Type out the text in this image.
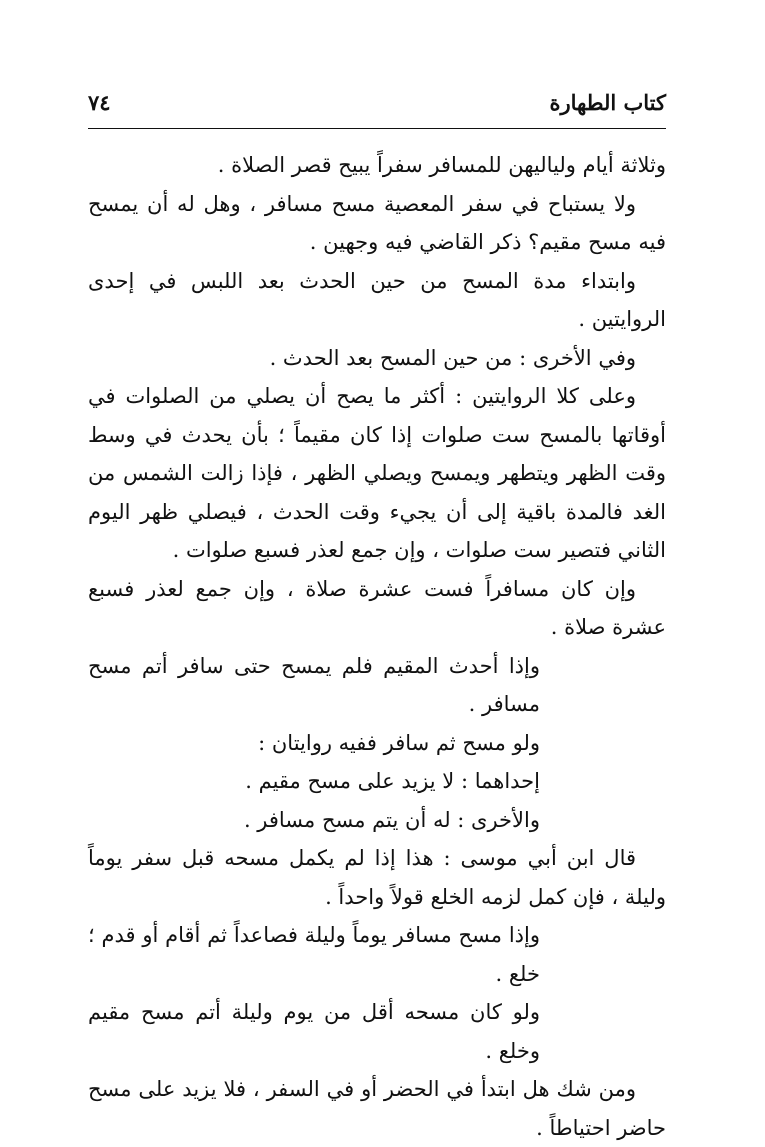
كتاب الطهارة
٧٤

وثلاثة أيام ولياليهن للمسافر سفراً يبيح قصر الصلاة .

ولا يستباح في سفر المعصية مسح مسافر ، وهل له أن يمسح فيه مسح مقيم؟ ذكر القاضي فيه وجهين .

وابتداء مدة المسح من حين الحدث بعد اللبس في إحدى الروايتين .

وفي الأخرى : من حين المسح بعد الحدث .

وعلى كلا الروايتين : أكثر ما يصح أن يصلي من الصلوات في أوقاتها بالمسح ست صلوات إذا كان مقيماً ؛ بأن يحدث في وسط وقت الظهر ويتطهر ويمسح ويصلي الظهر ، فإذا زالت الشمس من الغد فالمدة باقية إلى أن يجيء وقت الحدث ، فيصلي ظهر اليوم الثاني فتصير ست صلوات ، وإن جمع لعذر فسبع صلوات .

وإن كان مسافراً فست عشرة صلاة ، وإن جمع لعذر فسبع عشرة صلاة .

وإذا أحدث المقيم فلم يمسح حتى سافر أتم مسح مسافر .

ولو مسح ثم سافر ففيه روايتان :

إحداهما : لا يزيد على مسح مقيم .

والأخرى : له أن يتم مسح مسافر .

قال ابن أبي موسى : هذا إذا لم يكمل مسحه قبل سفر يوماً وليلة ، فإن كمل لزمه الخلع قولاً واحداً .

وإذا مسح مسافر يوماً وليلة فصاعداً ثم أقام أو قدم ؛ خلع .

ولو كان مسحه أقل من يوم وليلة أتم مسح مقيم وخلع .

ومن شك هل ابتدأ في الحضر أو في السفر ، فلا يزيد على مسح حاضر احتياطاً .
